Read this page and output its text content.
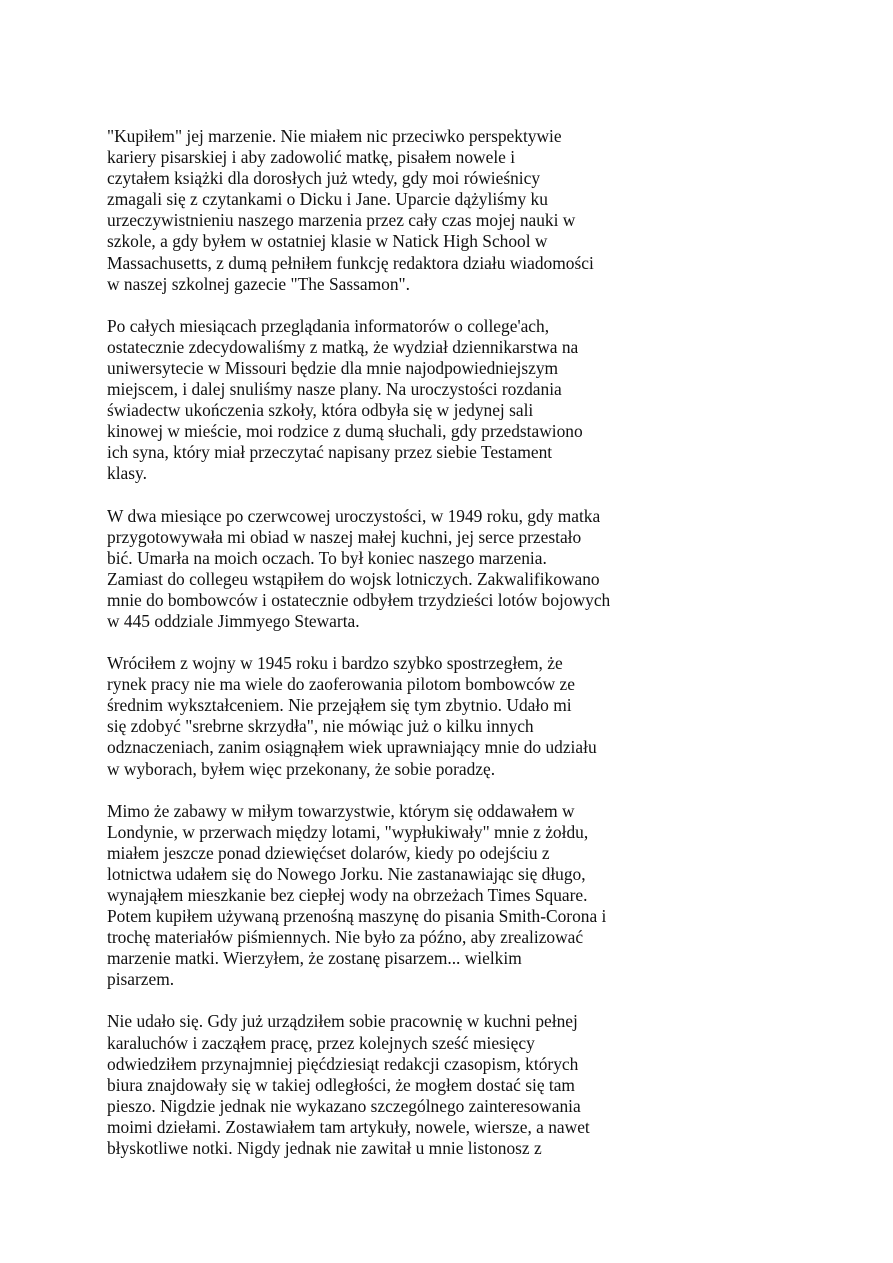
"Kupiłem" jej marzenie. Nie miałem nic przeciwko perspektywie
kariery pisarskiej i aby zadowolić matkę, pisałem nowele i
czytałem książki dla dorosłych już wtedy, gdy moi rówieśnicy
zmagali się z czytankami o Dicku i Jane. Uparcie dążyliśmy ku
urzeczywistnieniu naszego marzenia przez cały czas mojej nauki w
szkole, a gdy byłem w ostatniej klasie w Natick High School w
Massachusetts, z dumą pełniłem funkcję redaktora działu wiadomości
w naszej szkolnej gazecie "The Sassamon".
Po całych miesiącach przeglądania informatorów o college'ach,
ostatecznie zdecydowaliśmy z matką, że wydział dziennikarstwa na
uniwersytecie w Missouri będzie dla mnie najodpowiedniejszym
miejscem, i dalej snuliśmy nasze plany. Na uroczystości rozdania
świadectw ukończenia szkoły, która odbyła się w jedynej sali
kinowej w mieście, moi rodzice z dumą słuchali, gdy przedstawiono
ich syna, który miał przeczytać napisany przez siebie Testament
klasy.
W dwa miesiące po czerwcowej uroczystości, w 1949 roku, gdy matka
przygotowywała mi obiad w naszej małej kuchni, jej serce przestało
bić. Umarła na moich oczach. To był koniec naszego marzenia.
Zamiast do collegeu wstąpiłem do wojsk lotniczych. Zakwalifikowano
mnie do bombowców i ostatecznie odbyłem trzydzieści lotów bojowych
w 445 oddziale Jimmyego Stewarta.
Wróciłem z wojny w 1945 roku i bardzo szybko spostrzegłem, że
rynek pracy nie ma wiele do zaoferowania pilotom bombowców ze
średnim wykształceniem. Nie przejąłem się tym zbytnio. Udało mi
się zdobyć "srebrne skrzydła", nie mówiąc już o kilku innych
odznaczeniach, zanim osiągnąłem wiek uprawniający mnie do udziału
w wyborach, byłem więc przekonany, że sobie poradzę.
Mimo że zabawy w miłym towarzystwie, którym się oddawałem w
Londynie, w przerwach między lotami, "wypłukiwały" mnie z żołdu,
miałem jeszcze ponad dziewięćset dolarów, kiedy po odejściu z
lotnictwa udałem się do Nowego Jorku. Nie zastanawiając się długo,
wynająłem mieszkanie bez ciepłej wody na obrzeżach Times Square.
Potem kupiłem używaną przenośną maszynę do pisania Smith-Corona i
trochę materiałów piśmiennych. Nie było za późno, aby zrealizować
marzenie matki. Wierzyłem, że zostanę pisarzem... wielkim
pisarzem.
Nie udało się. Gdy już urządziłem sobie pracownię w kuchni pełnej
karaluchów i zacząłem pracę, przez kolejnych sześć miesięcy
odwiedziłem przynajmniej pięćdziesiąt redakcji czasopism, których
biura znajdowały się w takiej odległości, że mogłem dostać się tam
pieszo. Nigdzie jednak nie wykazano szczególnego zainteresowania
moimi dziełami. Zostawiałem tam artykuły, nowele, wiersze, a nawet
błyskotliwe notki. Nigdy jednak nie zawitał u mnie listonosz z
